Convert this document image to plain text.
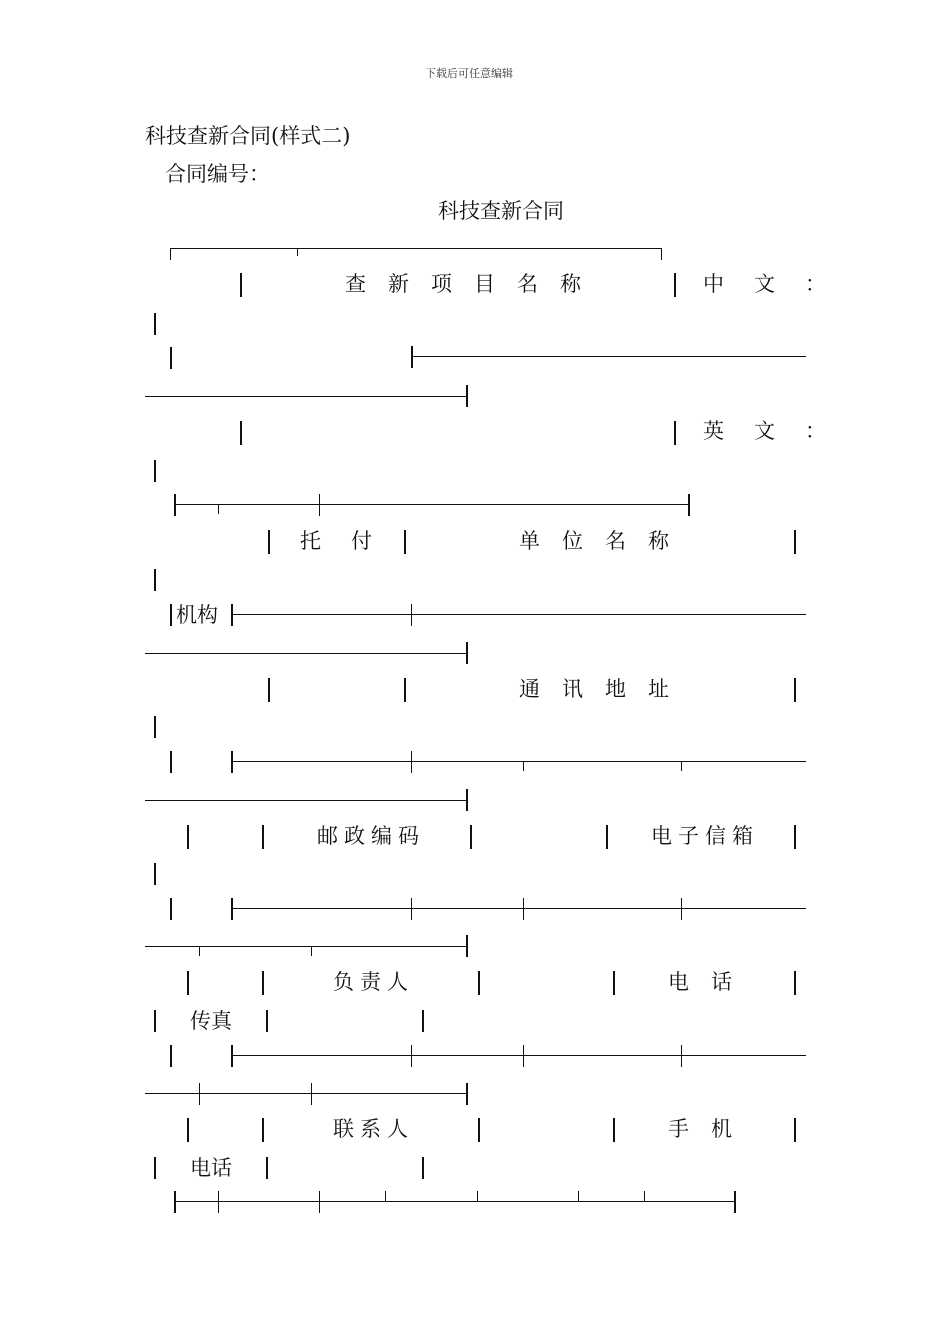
下载后可任意编辑
科技查新合同(样式二)
合同编号：
科技查新合同
查新项目名称	中文：
英文：
托付	单位名称
机构
通讯地址
邮政编码	电子信箱
负责人	电话
传真
联系人	手机
电话
